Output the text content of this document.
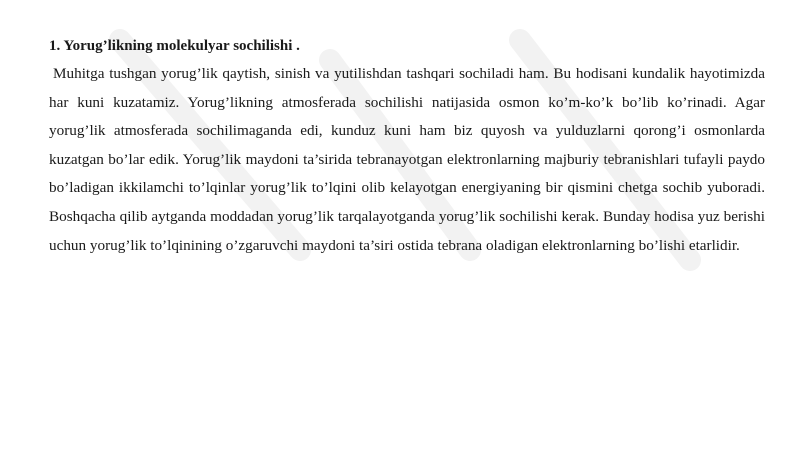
1. Yorug’likning molekulyar sochilishi .

Muhitga tushgan yorug’lik qaytish, sinish va yutilishdan tashqari sochiladi ham. Bu hodisani kundalik hayotimizda har kuni kuzatamiz. Yorug’likning atmosferada sochilishi natijasida osmon ko’m-ko’k bo’lib ko’rinadi. Agar yorug’lik atmosferada sochilimaganda edi, kunduz kuni ham biz quyosh va yulduzlarni qorong’i osmonlarda kuzatgan bo’lar edik. Yorug’lik maydoni ta’sirida tebranayotgan elektronlarning majburiy tebranishlari tufayli paydo bo’ladigan ikkilamchi to’lqinlar yorug’lik to’lqini olib kelayotgan energiyaning bir qismini chetga sochib yuboradi. Boshqacha qilib aytganda moddadan yorug’lik tarqalayotganda yorug’lik sochilishi kerak. Bunday hodisa yuz berishi uchun yorug’lik to’lqinining o’zgaruvchi maydoni ta’siri ostida tebrana oladigan elektronlarning bo’lishi etarlidir.
